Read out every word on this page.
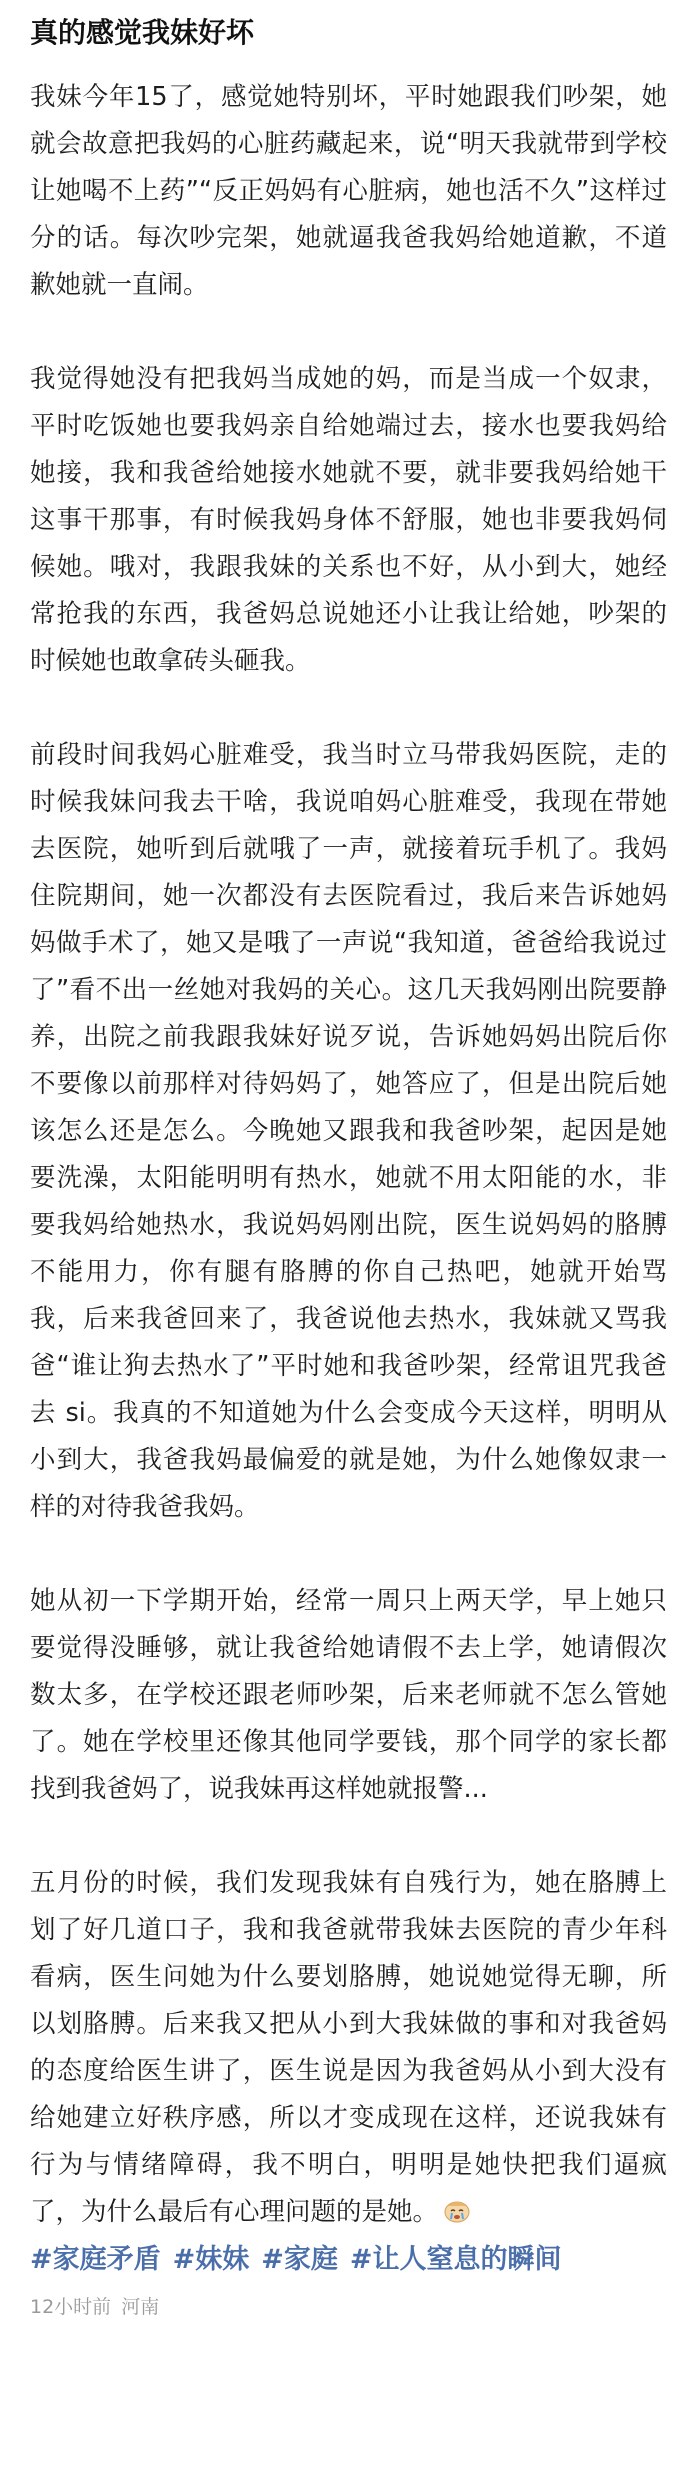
真的感觉我妹好坏
我妹今年15了，感觉她特别坏，平时她跟我们吵架，她就会故意把我妈的心脏药藏起来，说“明天我就带到学校让她喝不上药”“反正妈妈有心脏病，她也活不久”这样过分的话。每次吵完架，她就逼我爸我妈给她道歉，不道歉她就一直闹。
我觉得她没有把我妈当成她的妈，而是当成一个奴隶，平时吃饭她也要我妈亲自给她端过去，接水也要我妈给她接，我和我爸给她接水她就不要，就非要我妈给她干这事干那事，有时候我妈身体不舒服，她也非要我妈伺候她。哦对，我跟我妹的关系也不好，从小到大，她经常抢我的东西，我爸妈总说她还小让我让给她，吵架的时候她也敢拿砖头砸我。
前段时间我妈心脏难受，我当时立马带我妈医院，走的时候我妹问我去干啥，我说咱妈心脏难受，我现在带她去医院，她听到后就哦了一声，就接着玩手机了。我妈住院期间，她一次都没有去医院看过，我后来告诉她妈妈做手术了，她又是哦了一声说“我知道，爸爸给我说过了”看不出一丝她对我妈的关心。这几天我妈刚出院要静养，出院之前我跟我妹好说歹说，告诉她妈妈出院后你不要像以前那样对待妈妈了，她答应了，但是出院后她该怎么还是怎么。今晚她又跟我和我爸吵架，起因是她要洗澡，太阳能明明有热水，她就不用太阳能的水，非要我妈给她热水，我说妈妈刚出院，医生说妈妈的胳膊不能用力，你有腿有胳膊的你自己热吧，她就开始骂我，后来我爸回来了，我爸说他去热水，我妹就又骂我爸“谁让狗去热水了”平时她和我爸吵架，经常诅咒我爸去 si。我真的不知道她为什么会变成今天这样，明明从小到大，我爸我妈最偏爱的就是她，为什么她像奴隶一样的对待我爸我妈。
她从初一下学期开始，经常一周只上两天学，早上她只要觉得没睡够，就让我爸给她请假不去上学，她请假次数太多，在学校还跟老师吵架，后来老师就不怎么管她了。她在学校里还像其他同学要钱，那个同学的家长都找到我爸妈了，说我妹再这样她就报警...
五月份的时候，我们发现我妹有自残行为，她在胳膊上划了好几道口子，我和我爸就带我妹去医院的青少年科看病，医生问她为什么要划胳膊，她说她觉得无聊，所以划胳膊。后来我又把从小到大我妹做的事和对我爸妈的态度给医生讲了，医生说是因为我爸妈从小到大没有给她建立好秩序感，所以才变成现在这样，还说我妹有行为与情绪障碍，我不明白，明明是她快把我们逼疯了，为什么最后有心理问题的是她。
#家庭矛盾 #妹妹 #家庭 #让人窒息的瞬间
12小时前 河南
